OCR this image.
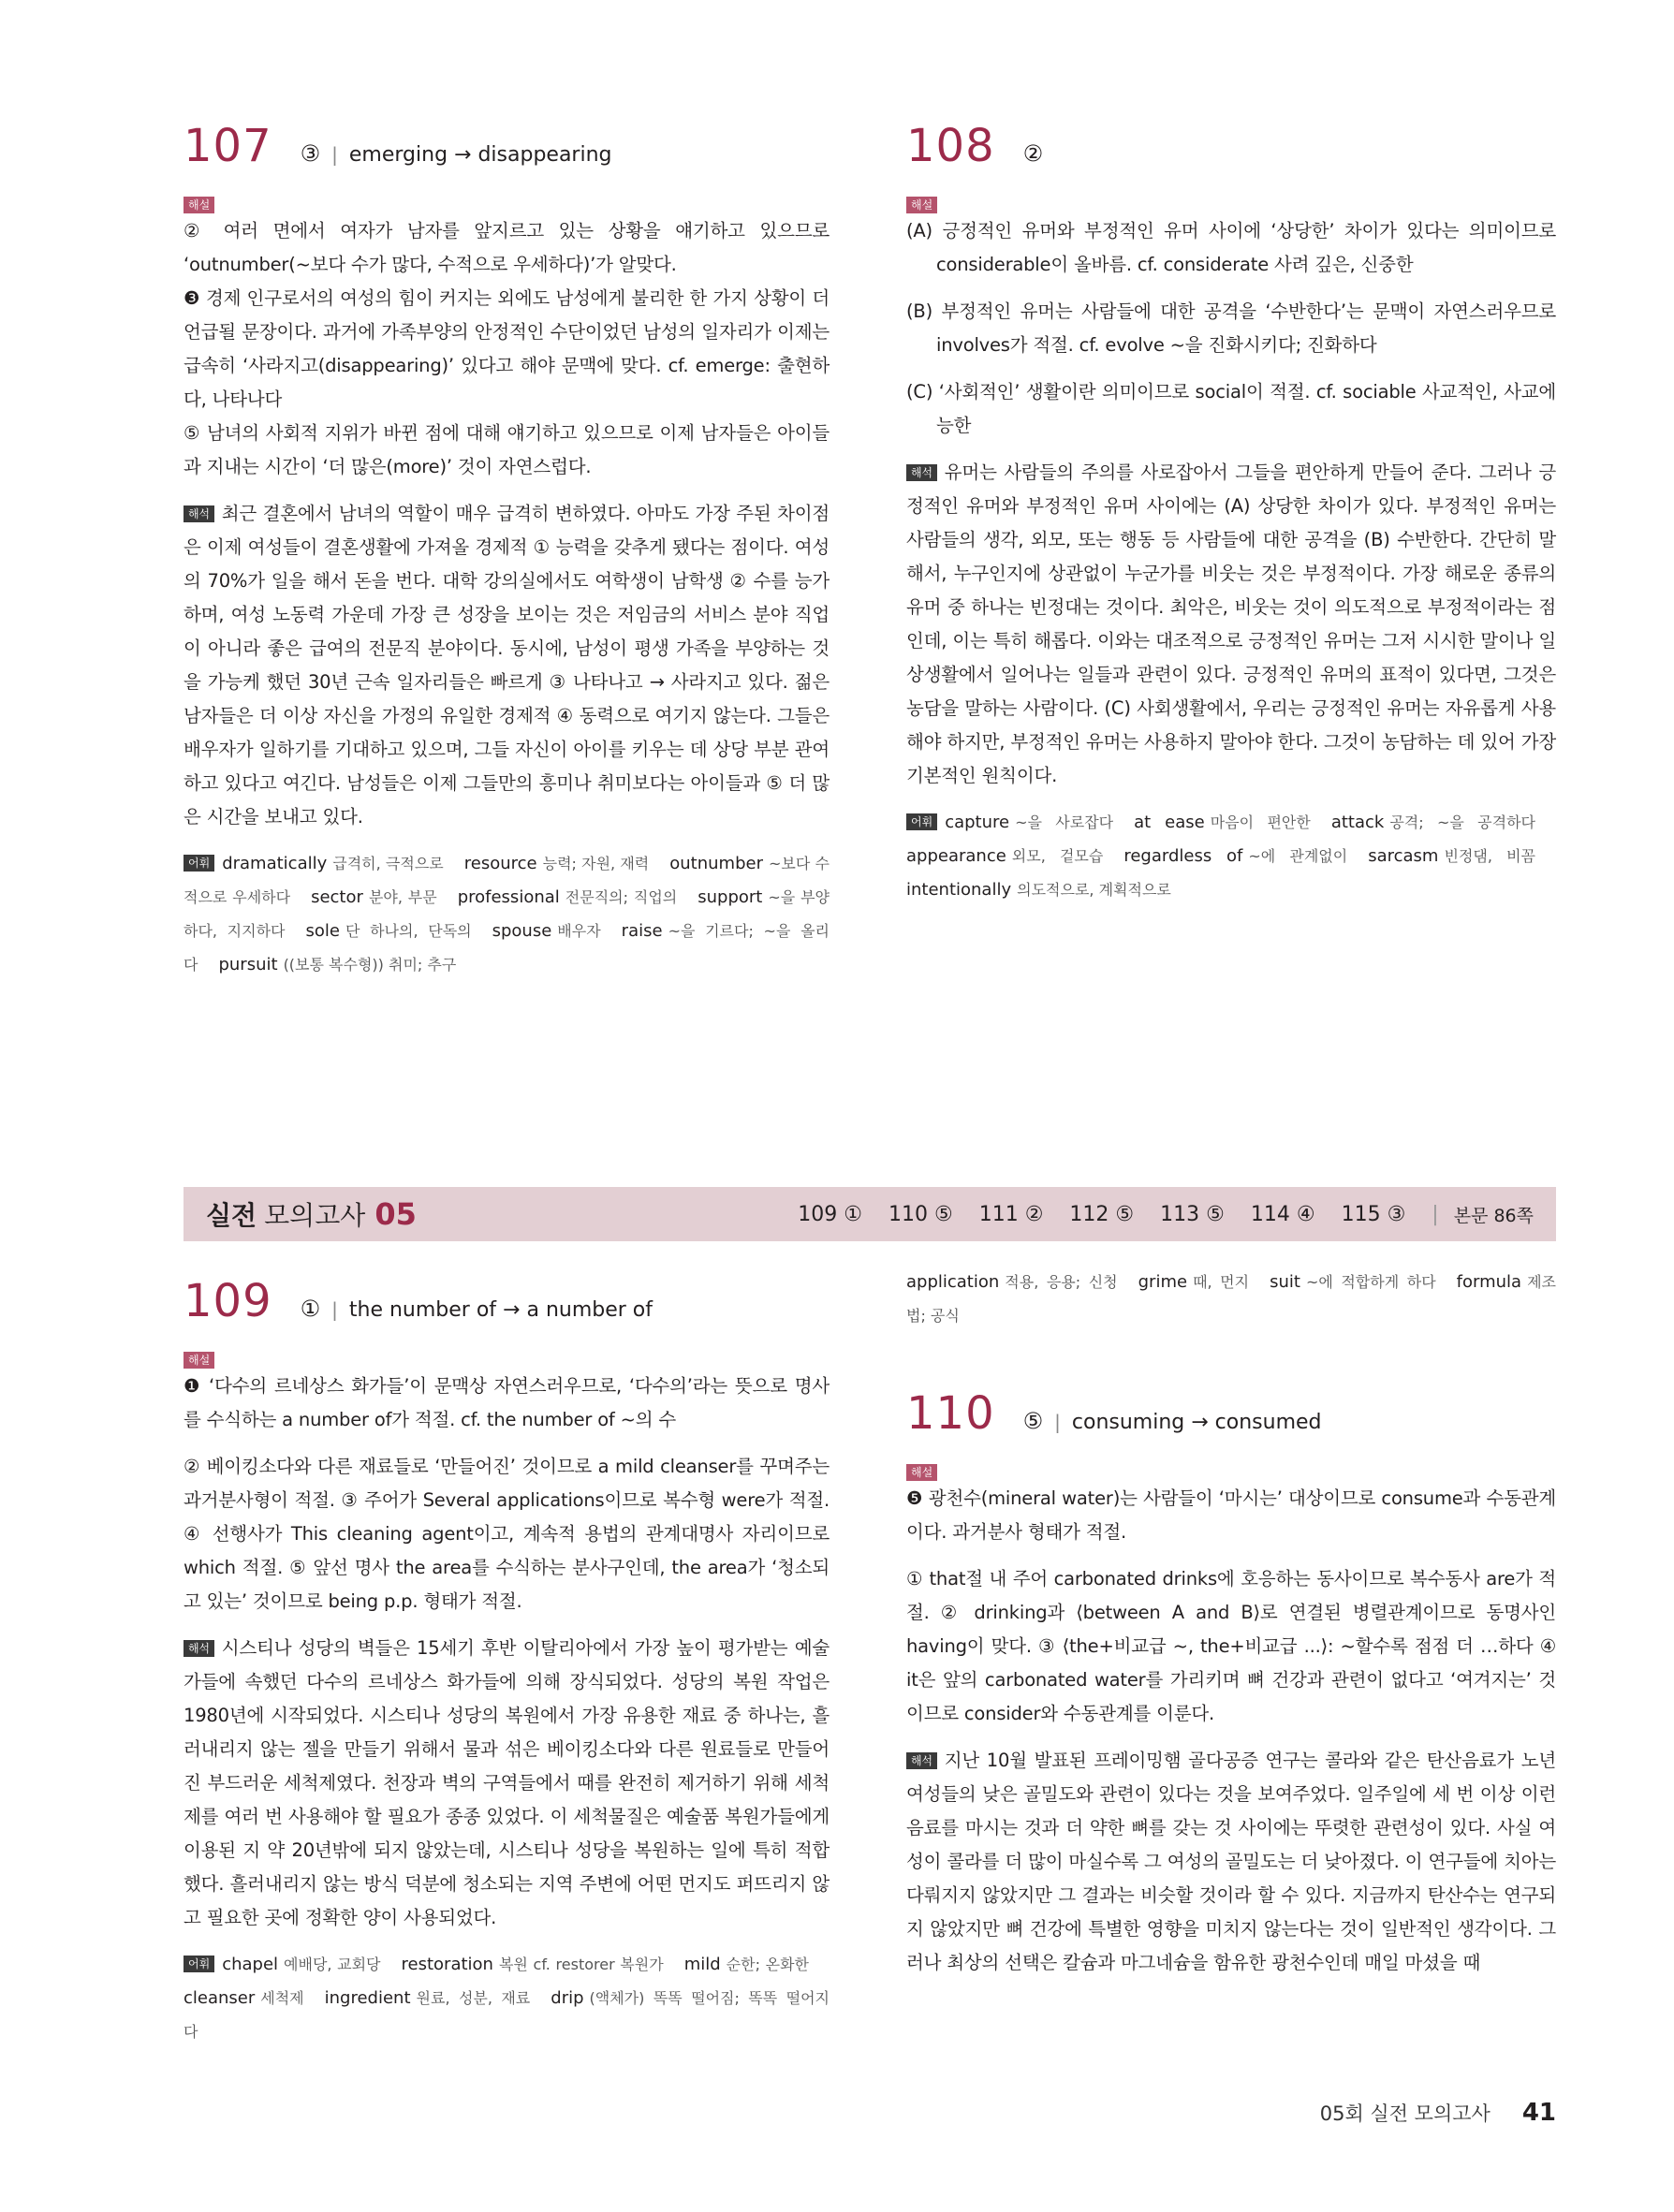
107 ③ | emerging → disappearing
해설

② 여러 면에서 여자가 남자를 앞지르고 있는 상황을 얘기하고 있으므로 ‘outnumber(~보다 수가 많다, 수적으로 우세하다)’가 알맞다.

❸ 경제 인구로서의 여성의 힘이 커지는 외에도 남성에게 불리한 한 가지 상황이 더 언급될 문장이다. 과거에 가족부양의 안정적인 수단이었던 남성의 일자리가 이제는 급속히 ‘사라지고(disappearing)’ 있다고 해야 문맥에 맞다. cf. emerge: 출현하다, 나타나다

⑤ 남녀의 사회적 지위가 바뀐 점에 대해 얘기하고 있으므로 이제 남자들은 아이들과 지내는 시간이 ‘더 많은(more)’ 것이 자연스럽다.

해석 최근 결혼에서 남녀의 역할이 매우 급격히 변하였다. 아마도 가장 주된 차이점은 이제 여성들이 결혼생활에 가져올 경제적 ① 능력을 갖추게 됐다는 점이다. 여성의 70%가 일을 해서 돈을 번다. 대학 강의실에서도 여학생이 남학생 ② 수를 능가하며, 여성 노동력 가운데 가장 큰 성장을 보이는 것은 저임금의 서비스 분야 직업이 아니라 좋은 급여의 전문직 분야이다. 동시에, 남성이 평생 가족을 부양하는 것을 가능케 했던 30년 근속 일자리들은 빠르게 ③ 나타나고 → 사라지고 있다. 젊은 남자들은 더 이상 자신을 가정의 유일한 경제적 ④ 동력으로 여기지 않는다. 그들은 배우자가 일하기를 기대하고 있으며, 그들 자신이 아이를 키우는 데 상당 부분 관여하고 있다고 여긴다. 남성들은 이제 그들만의 흥미나 취미보다는 아이들과 ⑤ 더 많은 시간을 보내고 있다.

어휘 dramatically 급격히, 극적으로 resource 능력; 자원, 재력 outnumber ~보다 수적으로 우세하다 sector 분야, 부문 professional 전문직의; 직업의 support ~을 부양하다, 지지하다 sole 단 하나의, 단독의 spouse 배우자 raise ~을 기르다; ~을 올리다 pursuit ((보통 복수형)) 취미; 추구

108 ②
해설

(A) 긍정적인 유머와 부정적인 유머 사이에 ‘상당한’ 차이가 있다는 의미이므로 considerable이 올바름. cf. considerate 사려 깊은, 신중한

(B) 부정적인 유머는 사람들에 대한 공격을 ‘수반한다’는 문맥이 자연스러우므로 involves가 적절. cf. evolve ~을 진화시키다; 진화하다

(C) ‘사회적인’ 생활이란 의미이므로 social이 적절. cf. sociable 사교적인, 사교에 능한

해석 유머는 사람들의 주의를 사로잡아서 그들을 편안하게 만들어 준다. 그러나 긍정적인 유머와 부정적인 유머 사이에는 (A) 상당한 차이가 있다. 부정적인 유머는 사람들의 생각, 외모, 또는 행동 등 사람들에 대한 공격을 (B) 수반한다. 간단히 말해서, 누구인지에 상관없이 누군가를 비웃는 것은 부정적이다. 가장 해로운 종류의 유머 중 하나는 빈정대는 것이다. 최악은, 비웃는 것이 의도적으로 부정적이라는 점인데, 이는 특히 해롭다. 이와는 대조적으로 긍정적인 유머는 그저 시시한 말이나 일상생활에서 일어나는 일들과 관련이 있다. 긍정적인 유머의 표적이 있다면, 그것은 농담을 말하는 사람이다. (C) 사회생활에서, 우리는 긍정적인 유머는 자유롭게 사용해야 하지만, 부정적인 유머는 사용하지 말아야 한다. 그것이 농담하는 데 있어 가장 기본적인 원칙이다.

어휘 capture ~을 사로잡다 at ease 마음이 편안한 attack 공격; ~을 공격하다appearance 외모, 겉모습 regardless of ~에 관계없이 sarcasm 빈정댐, 비꼼intentionally 의도적으로, 계획적으로

실전 모의고사 05	109 ① 110 ⑤ 111 ② 112 ⑤ 113 ⑤ 114 ④ 115 ③ | 본문 86쪽
109 ① | the number of → a number of
해설

❶ ‘다수의 르네상스 화가들’이 문맥상 자연스러우므로, ‘다수의’라는 뜻으로 명사를 수식하는 a number of가 적절. cf. the number of ~의 수

② 베이킹소다와 다른 재료들로 ‘만들어진’ 것이므로 a mild cleanser를 꾸며주는 과거분사형이 적절. ③ 주어가 Several applications이므로 복수형 were가 적절. ④ 선행사가 This cleaning agent이고, 계속적 용법의 관계대명사 자리이므로 which 적절. ⑤ 앞선 명사 the area를 수식하는 분사구인데, the area가 ‘청소되고 있는’ 것이므로 being p.p. 형태가 적절.

해석 시스티나 성당의 벽들은 15세기 후반 이탈리아에서 가장 높이 평가받는 예술가들에 속했던 다수의 르네상스 화가들에 의해 장식되었다. 성당의 복원 작업은 1980년에 시작되었다. 시스티나 성당의 복원에서 가장 유용한 재료 중 하나는, 흘러내리지 않는 젤을 만들기 위해서 물과 섞은 베이킹소다와 다른 원료들로 만들어진 부드러운 세척제였다. 천장과 벽의 구역들에서 때를 완전히 제거하기 위해 세척제를 여러 번 사용해야 할 필요가 종종 있었다. 이 세척물질은 예술품 복원가들에게 이용된 지 약 20년밖에 되지 않았는데, 시스티나 성당을 복원하는 일에 특히 적합했다. 흘러내리지 않는 방식 덕분에 청소되는 지역 주변에 어떤 먼지도 퍼뜨리지 않고 필요한 곳에 정확한 양이 사용되었다.

어휘 chapel 예배당, 교회당 restoration 복원 cf. restorer 복원가 mild 순한; 온화한cleanser 세척제 ingredient 원료, 성분, 재료 drip (액체가) 똑똑 떨어짐; 똑똑 떨어지다

application 적용, 응용; 신청 grime 때, 먼지 suit ~에 적합하게 하다 formula 제조법; 공식

110 ⑤ | consuming → consumed
해설

❺ 광천수(mineral water)는 사람들이 ‘마시는’ 대상이므로 consume과 수동관계이다. 과거분사 형태가 적절.

① that절 내 주어 carbonated drinks에 호응하는 동사이므로 복수동사 are가 적절. ② drinking과 ⟨between A and B⟩로 연결된 병렬관계이므로 동명사인 having이 맞다. ③ ⟨the+비교급 ~, the+비교급 ...⟩: ~할수록 점점 더 …하다 ④ it은 앞의 carbonated water를 가리키며 뼈 건강과 관련이 없다고 ‘여겨지는’ 것이므로 consider와 수동관계를 이룬다.

해석 지난 10월 발표된 프레이밍햄 골다공증 연구는 콜라와 같은 탄산음료가 노년 여성들의 낮은 골밀도와 관련이 있다는 것을 보여주었다. 일주일에 세 번 이상 이런 음료를 마시는 것과 더 약한 뼈를 갖는 것 사이에는 뚜렷한 관련성이 있다. 사실 여성이 콜라를 더 많이 마실수록 그 여성의 골밀도는 더 낮아졌다. 이 연구들에 치아는 다뤄지지 않았지만 그 결과는 비슷할 것이라 할 수 있다. 지금까지 탄산수는 연구되지 않았지만 뼈 건강에 특별한 영향을 미치지 않는다는 것이 일반적인 생각이다. 그러나 최상의 선택은 칼슘과 마그네슘을 함유한 광천수인데 매일 마셨을 때

05회 실전 모의고사 41
